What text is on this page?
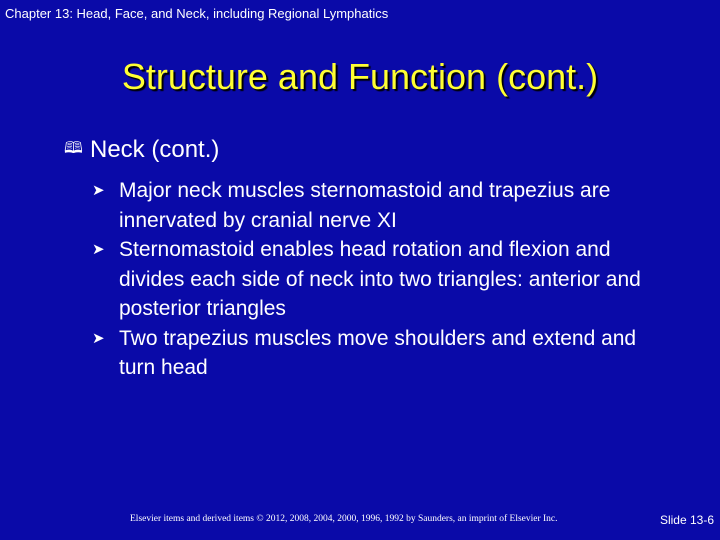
Chapter 13: Head, Face, and Neck, including Regional Lymphatics
Structure and Function (cont.)
🕮 Neck (cont.)
➤ Major neck muscles sternomastoid and trapezius are innervated by cranial nerve XI
➤ Sternomastoid enables head rotation and flexion and divides each side of neck into two triangles: anterior and posterior triangles
➤ Two trapezius muscles move shoulders and extend and turn head
Elsevier items and derived items © 2012, 2008, 2004, 2000, 1996, 1992 by Saunders, an imprint of Elsevier Inc.	Slide 13-6
